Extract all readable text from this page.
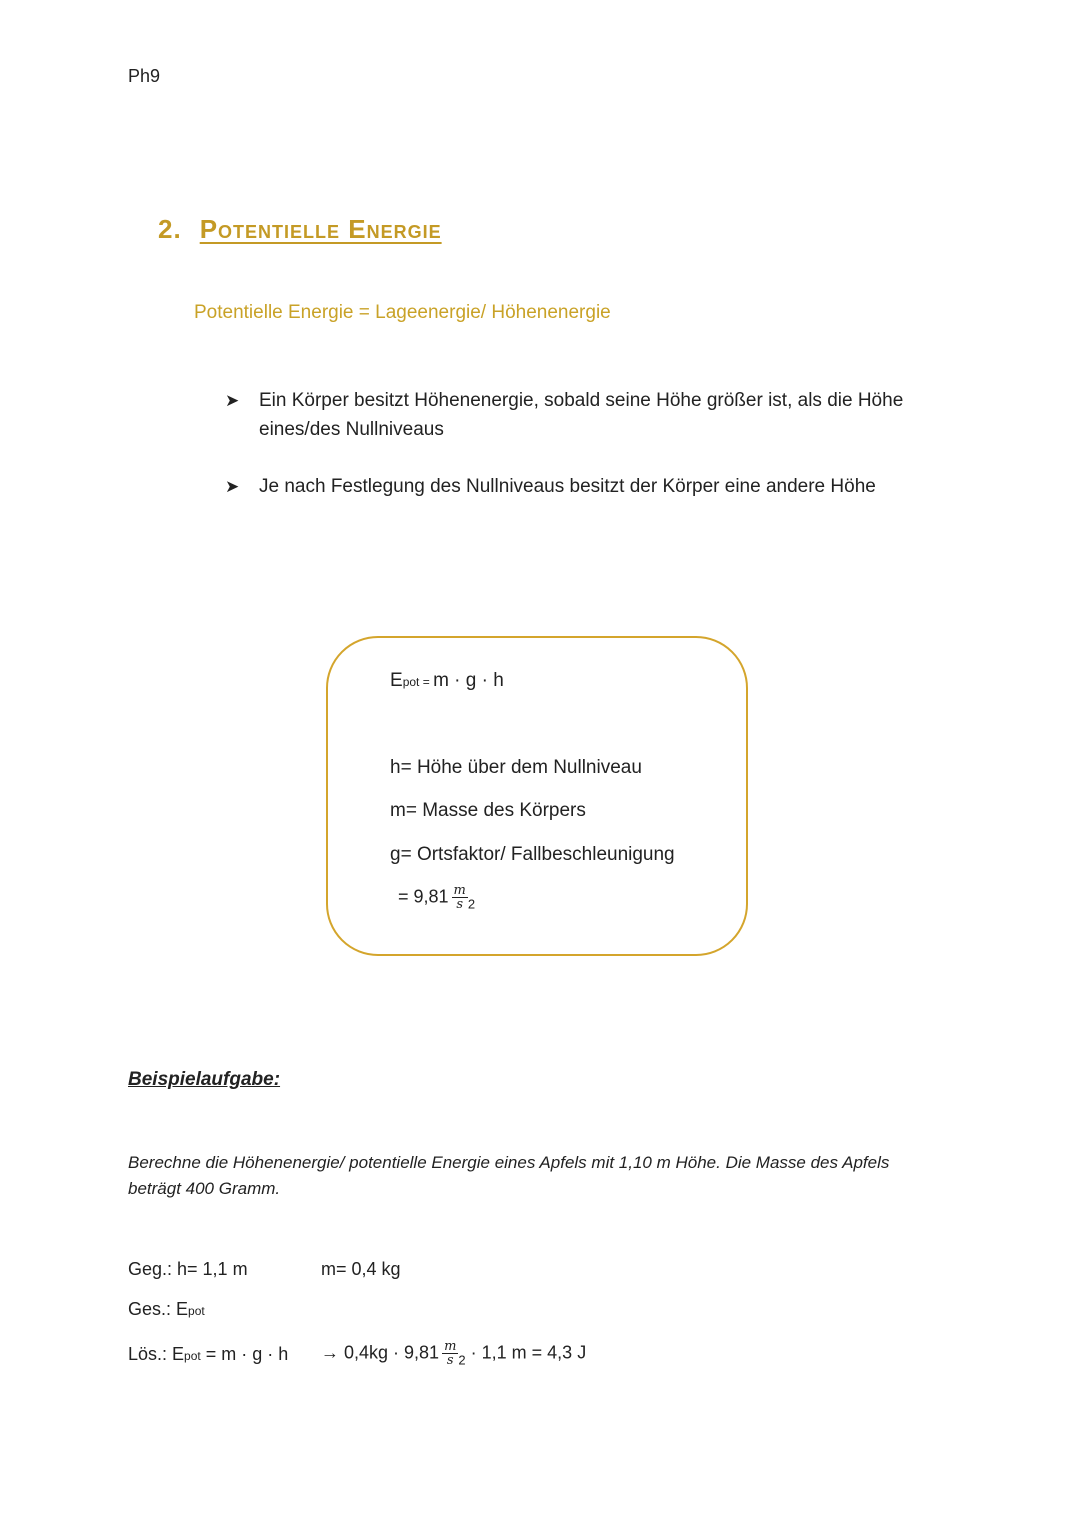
Ph9
2. Potentielle Energie
Potentielle Energie = Lageenergie/ Höhenenergie
➤ Ein Körper besitzt Höhenenergie, sobald seine Höhe größer ist, als die Höhe
eines/des Nullniveaus
➤ Je nach Festlegung des Nullniveaus besitzt der Körper eine andere Höhe
Epot = m · g · h
h= Höhe über dem Nullniveau
m= Masse des Körpers
g= Ortsfaktor/ Fallbeschleunigung
= $9,81 \frac{m}{s} _2$
Beispielaufgabe:
Berechne die Höhenenergie/ potentielle Energie eines Apfels mit 1,10 m Höhe. Die Masse des Apfels beträgt 400 Gramm.
Geg.: h= 1,1 m	m= 0,4 kg
Ges.: Epot
Lös.: Epot = $m \cdot g \cdot h \to 0,4kg \cdot 9,81 \frac{m}{s} _2 \cdot 1,1$ m = 4,3 J
